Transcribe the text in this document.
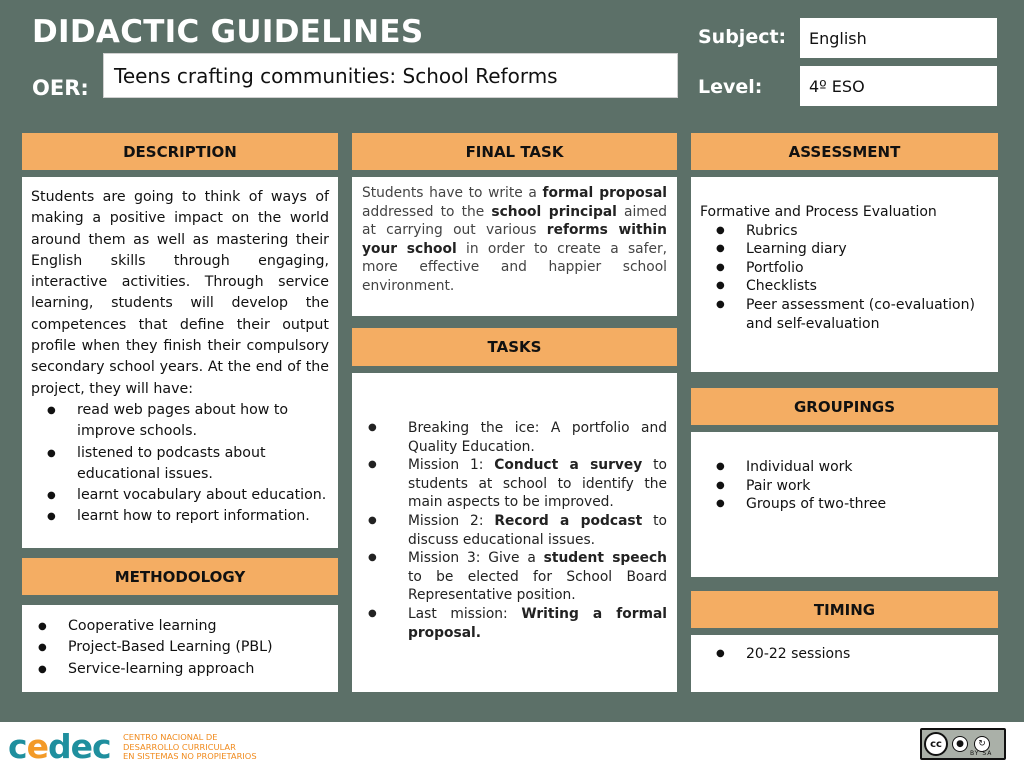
DIDACTIC GUIDELINES
OER:	Teens crafting communities: School Reforms
Subject:	English
Level:	4º ESO
DESCRIPTION

Students are going to think of ways of making a positive impact on the world around them as well as mastering their English skills through engaging, interactive activities. Through service learning, students will develop the competences that define their output profile when they finish their compulsory secondary school years. At the end of the project, they will have:

● read web pages about how to improve schools.
● listened to podcasts about educational issues.
● learnt vocabulary about education.
● learnt how to report information.
METHODOLOGY
● Cooperative learning
● Project-Based Learning (PBL)
● Service-learning approach
FINAL TASK
Students have to write a formal proposal addressed to the school principal aimed at carrying out various reforms within your school in order to create a safer, more effective and happier school environment.
TASKS
● Breaking the ice: A portfolio and Quality Education.
● Mission 1: Conduct a survey to students at school to identify the main aspects to be improved.
● Mission 2: Record a podcast to discuss educational issues.
● Mission 3: Give a student speech to be elected for School Board Representative position.
● Last mission: Writing a formal proposal.
ASSESSMENT

Formative and Process Evaluation

● Rubrics
● Learning diary
● Portfolio
● Checklists
● Peer assessment (co-evaluation) and self-evaluation
GROUPINGS
● Individual work
● Pair work
● Groups of two-three
TIMING
● 20-22 sessions
cedec CENTRO NACIONAL DE
DESARROLLO CURRICULAR
EN SISTEMAS NO PROPIETARIOS
cc	●	↻
BY SA
